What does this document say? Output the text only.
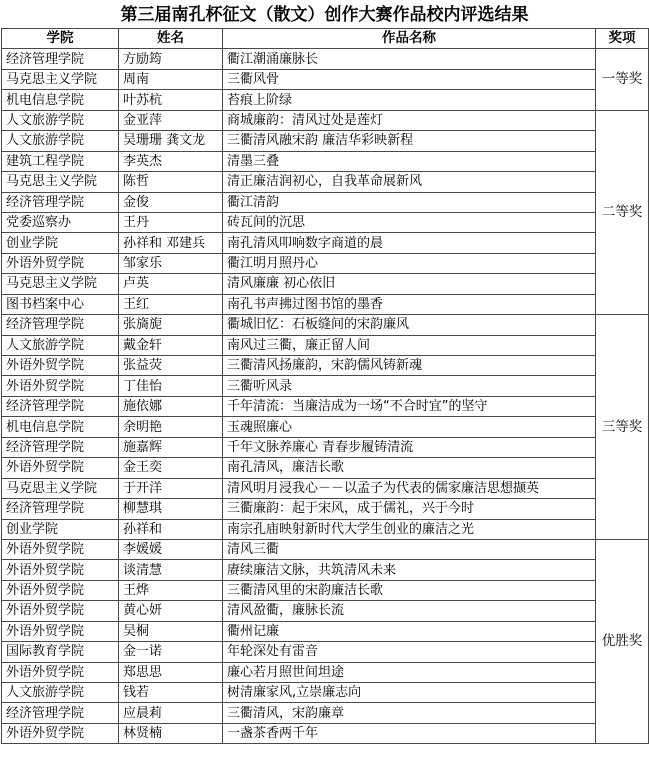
第三届南孔杯征文（散文）创作大赛作品校内评选结果
学院	姓名	作品名称	奖项
经济管理学院	方励筠	衢江潮涌廉脉长	一等奖
马克思主义学院	周南	三衢风骨	
机电信息学院	叶苏杭	苔痕上阶绿	
人文旅游学院	金亚萍	商城廉韵：清风过处是莲灯	二等奖
人文旅游学院	吴珊珊 龚文龙	三衢清风融宋韵 廉洁华彩映新程	
建筑工程学院	李英杰	清墨三叠	
马克思主义学院	陈哲	清正廉洁润初心，自我革命展新风	
经济管理学院	金俊	衢江清韵	
党委巡察办	王丹	砖瓦间的沉思	
创业学院	孙祥和 邓建兵	南孔清风叩响数字商道的晨	
外语外贸学院	邹家乐	衢江明月照丹心	
马克思主义学院	卢英	清风廉廉 初心依旧	
图书档案中心	王红	南孔书声拂过图书馆的墨香	
经济管理学院	张旖旎	衢城旧忆：石板缝间的宋韵廉风	三等奖
人文旅游学院	戴金轩	南风过三衢，廉正留人间	
外语外贸学院	张益荧	三衢清风扬廉韵，宋韵儒风铸新魂	
外语外贸学院	丁佳怡	三衢听风录	
经济管理学院	施依娜	千年清流：当廉洁成为一场“不合时宜”的坚守	
机电信息学院	余明艳	玉魂照廉心	
经济管理学院	施嘉辉	千年文脉养廉心 青春步履铸清流	
外语外贸学院	金王奕	南孔清风，廉洁长歌	
马克思主义学院	于开洋	清风明月浸我心－－以孟子为代表的儒家廉洁思想撷英	
经济管理学院	柳慧琪	三衢廉韵：起于宋风，成于儒礼，兴于今时	
创业学院	孙祥和	南宗孔庙映射新时代大学生创业的廉洁之光	
外语外贸学院	李媛媛	清风三衢	优胜奖
外语外贸学院	谈清慧	赓续廉洁文脉，共筑清风未来	
外语外贸学院	王烨	三衢清风里的宋韵廉洁长歌	
外语外贸学院	黄心妍	清风盈衢，廉脉长流	
外语外贸学院	吴桐	衢州记廉	
国际教育学院	金一诺	年轮深处有雷音	
外语外贸学院	郑思思	廉心若月照世间坦途	
人文旅游学院	钱若	树清廉家风,立崇廉志向	
经济管理学院	应晨莉	三衢清风，宋韵廉章	
外语外贸学院	林贤楠	一盏茶香两千年	
